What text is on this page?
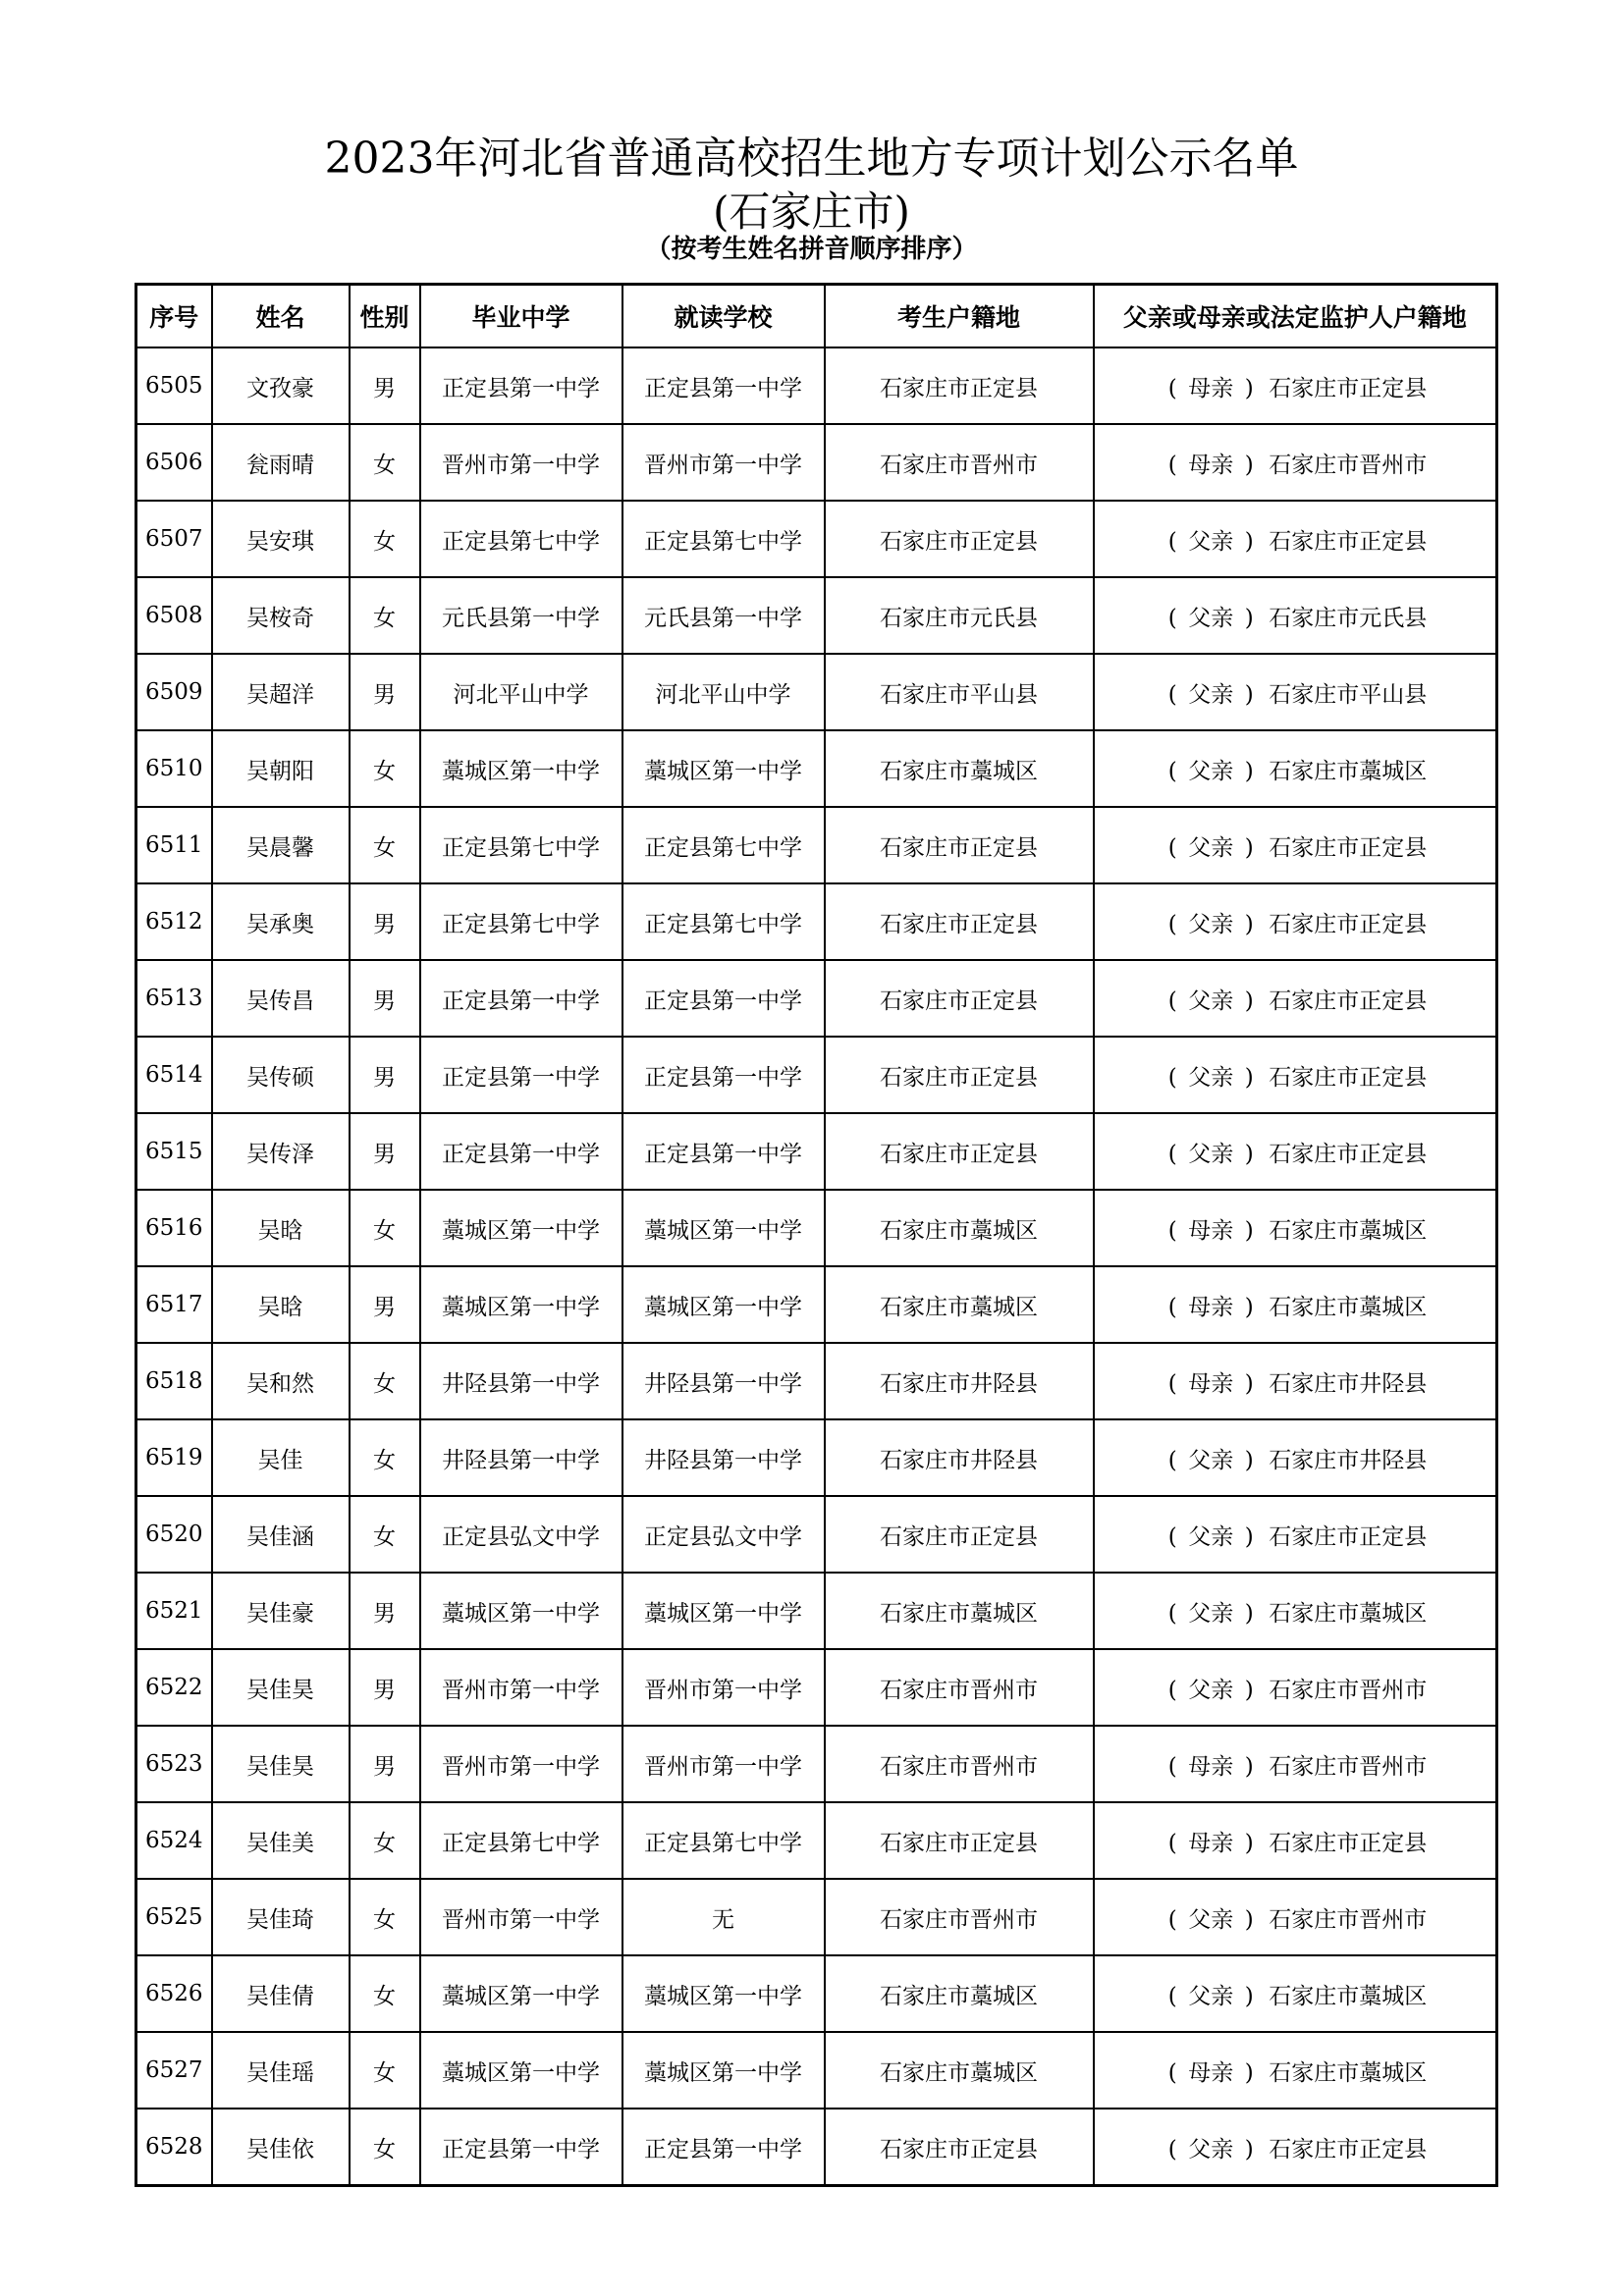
2023年河北省普通高校招生地方专项计划公示名单
(石家庄市)
（按考生姓名拼音顺序排序）
序号	姓名	性别	毕业中学	就读学校	考生户籍地	父亲或母亲或法定监护人户籍地
6505	文孜豪	男	正定县第一中学	正定县第一中学	石家庄市正定县	( 母亲 ) 石家庄市正定县
6506	瓮雨晴	女	晋州市第一中学	晋州市第一中学	石家庄市晋州市	( 母亲 ) 石家庄市晋州市
6507	吴安琪	女	正定县第七中学	正定县第七中学	石家庄市正定县	( 父亲 ) 石家庄市正定县
6508	吴桉奇	女	元氏县第一中学	元氏县第一中学	石家庄市元氏县	( 父亲 ) 石家庄市元氏县
6509	吴超洋	男	河北平山中学	河北平山中学	石家庄市平山县	( 父亲 ) 石家庄市平山县
6510	吴朝阳	女	藁城区第一中学	藁城区第一中学	石家庄市藁城区	( 父亲 ) 石家庄市藁城区
6511	吴晨馨	女	正定县第七中学	正定县第七中学	石家庄市正定县	( 父亲 ) 石家庄市正定县
6512	吴承奥	男	正定县第七中学	正定县第七中学	石家庄市正定县	( 父亲 ) 石家庄市正定县
6513	吴传昌	男	正定县第一中学	正定县第一中学	石家庄市正定县	( 父亲 ) 石家庄市正定县
6514	吴传硕	男	正定县第一中学	正定县第一中学	石家庄市正定县	( 父亲 ) 石家庄市正定县
6515	吴传泽	男	正定县第一中学	正定县第一中学	石家庄市正定县	( 父亲 ) 石家庄市正定县
6516	吴晗	女	藁城区第一中学	藁城区第一中学	石家庄市藁城区	( 母亲 ) 石家庄市藁城区
6517	吴晗	男	藁城区第一中学	藁城区第一中学	石家庄市藁城区	( 母亲 ) 石家庄市藁城区
6518	吴和然	女	井陉县第一中学	井陉县第一中学	石家庄市井陉县	( 母亲 ) 石家庄市井陉县
6519	吴佳	女	井陉县第一中学	井陉县第一中学	石家庄市井陉县	( 父亲 ) 石家庄市井陉县
6520	吴佳涵	女	正定县弘文中学	正定县弘文中学	石家庄市正定县	( 父亲 ) 石家庄市正定县
6521	吴佳豪	男	藁城区第一中学	藁城区第一中学	石家庄市藁城区	( 父亲 ) 石家庄市藁城区
6522	吴佳昊	男	晋州市第一中学	晋州市第一中学	石家庄市晋州市	( 父亲 ) 石家庄市晋州市
6523	吴佳昊	男	晋州市第一中学	晋州市第一中学	石家庄市晋州市	( 母亲 ) 石家庄市晋州市
6524	吴佳美	女	正定县第七中学	正定县第七中学	石家庄市正定县	( 母亲 ) 石家庄市正定县
6525	吴佳琦	女	晋州市第一中学	无	石家庄市晋州市	( 父亲 ) 石家庄市晋州市
6526	吴佳倩	女	藁城区第一中学	藁城区第一中学	石家庄市藁城区	( 父亲 ) 石家庄市藁城区
6527	吴佳瑶	女	藁城区第一中学	藁城区第一中学	石家庄市藁城区	( 母亲 ) 石家庄市藁城区
6528	吴佳依	女	正定县第一中学	正定县第一中学	石家庄市正定县	( 父亲 ) 石家庄市正定县
